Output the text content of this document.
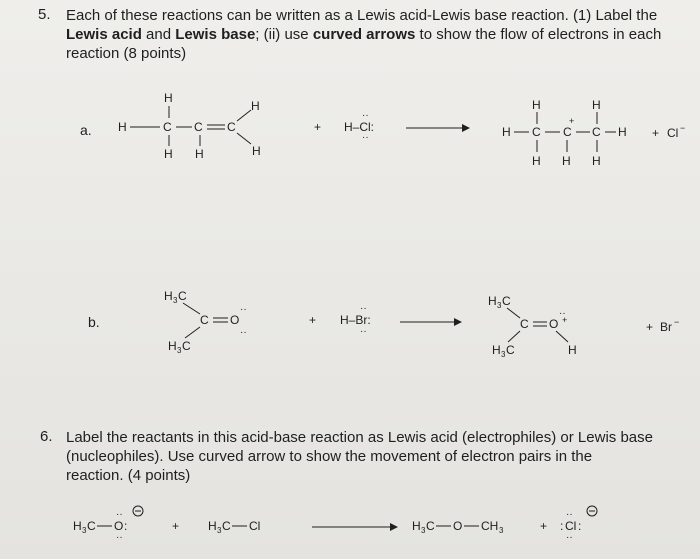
5. Each of these reactions can be written as a Lewis acid-Lewis base reaction. (1) Label the
Lewis acid and Lewis base; (ii) use curved arrows to show the flow of electrons in each
reaction (8 points)
a.
b.
H
H	C C C
H H
H
H
+ H–Cl:
··
··
H	H
H C C
+
C H
H H H
+ Cl −
H 3 C
C O
··
··
H 3 C
+ H–Br:
··
··
H 3 C
C O
··
+
H 3 C	H
+ Br −
H 3 C O
··
··
:	+ H 3 C Cl	H 3 C O CH 3	+ : Cl
··
··
:
6. Label the reactants in this acid-base reaction as Lewis acid (electrophiles) or Lewis base
(nucleophiles). Use curved arrow to show the movement of electron pairs in the
reaction. (4 points)
